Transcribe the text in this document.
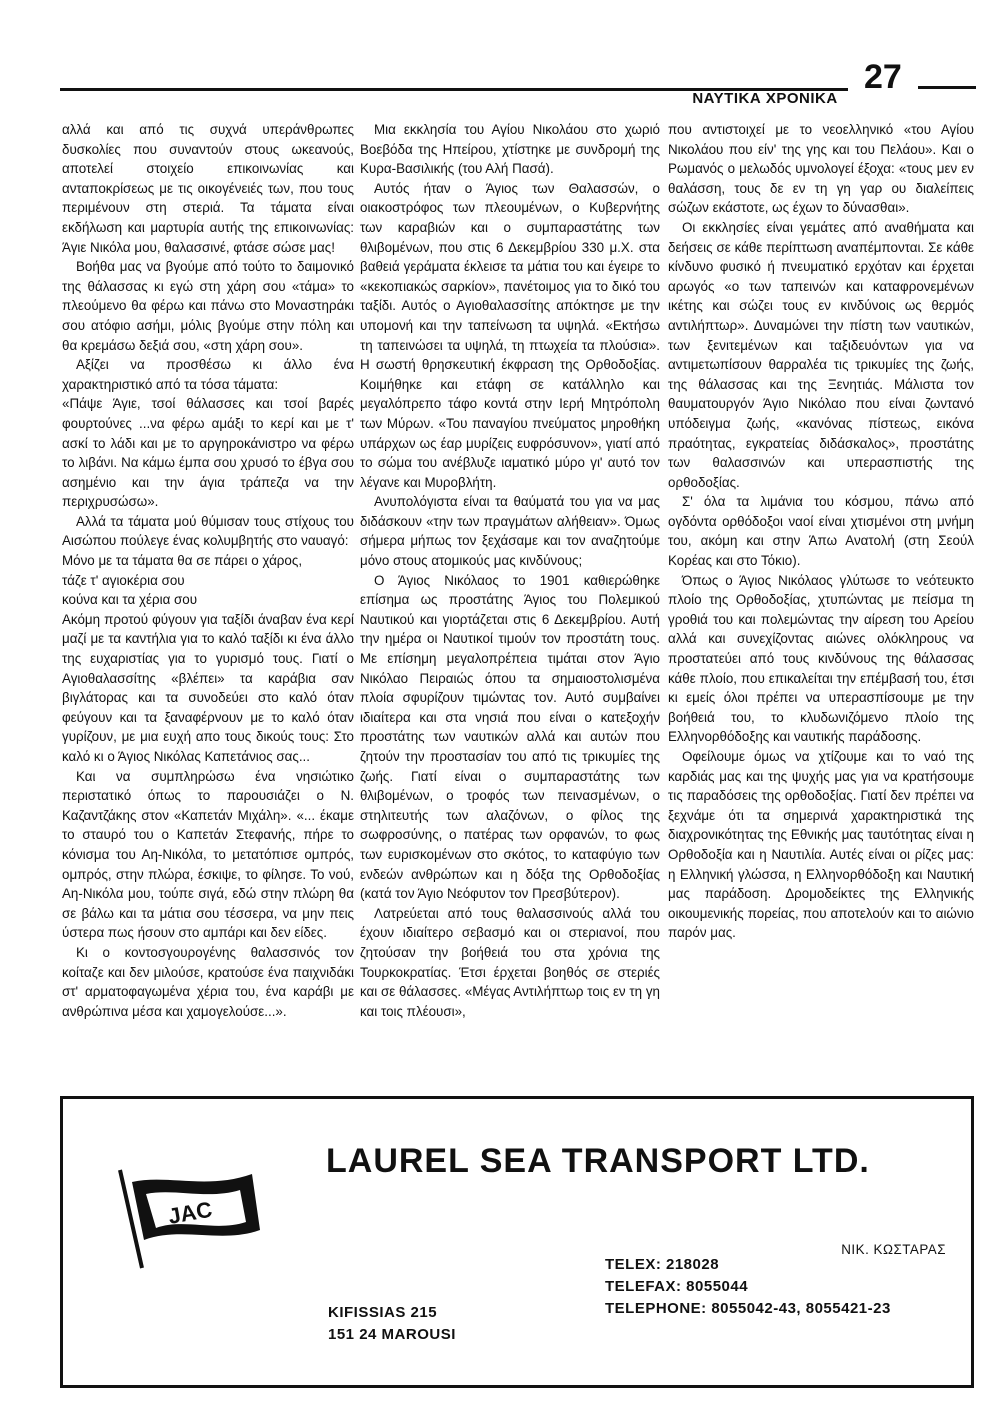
ΝΑΥΤΙΚΑ ΧΡΟΝΙΚΑ
27

αλλά και από τις συχνά υπεράνθρωπες δυσκολίες που συναντούν στους ωκεανούς, αποτελεί στοιχείο επικοινωνίας και ανταποκρίσεως με τις οικογένειές των, που τους περιμένουν στη στεριά. Τα τάματα είναι εκδήλωση και μαρτυρία αυτής της επικοινωνίας: Άγιε Νικόλα μου, θαλασσινέ, φτάσε σώσε μας!

Βοήθα μας να βγούμε από τούτο το δαιμονικό της θάλασσας κι εγώ στη χάρη σου «τάμα» το πλεούμενο θα φέρω και πάνω στο Μοναστηράκι σου ατόφιο ασήμι, μόλις βγούμε στην πόλη και θα κρεμάσω δεξιά σου, «στη χάρη σου».

Αξίζει να προσθέσω κι άλλο ένα χαρακτηριστικό από τα τόσα τάματα:

«Πάψε Άγιε, τσοί θάλασσες και τσοί βαρές φουρτούνες ...να φέρω αμάξι το κερί και με τ' ασκί το λάδι και με το αργηροκάνιστρο να φέρω το λιβάνι. Να κάμω έμπα σου χρυσό το έβγα σου ασημένιο και την άγια τράπεζα να την περιχρυσώσω».

Αλλά τα τάματα μού θύμισαν τους στίχους του Αισώπου πούλεγε ένας κολυμβητής στο ναυαγό:

Μόνο με τα τάματα θα σε πάρει ο χάρος,

τάζε τ' αγιοκέρια σου

κούνα και τα χέρια σου

Ακόμη προτού φύγουν για ταξίδι άναβαν ένα κερί μαζί με τα καντήλια για το καλό ταξίδι κι ένα άλλο της ευχαριστίας για το γυρισμό τους. Γιατί ο Αγιοθαλασσίτης «βλέπει» τα καράβια σαν βιγλάτορας και τα συνοδεύει στο καλό όταν φεύγουν και τα ξαναφέρνουν με το καλό όταν γυρίζουν, με μια ευχή απο τους δικούς τους: Στο καλό κι ο Άγιος Νικόλας Καπετάνιος σας...

Και να συμπληρώσω ένα νησιώτικο περιστατικό όπως το παρουσιάζει ο Ν. Καζαντζάκης στον «Καπετάν Μιχάλη». «... έκαμε το σταυρό του ο Καπετάν Στεφανής, πήρε το κόνισμα του Αη-Νικόλα, το μετατόπισε ομπρός, ομπρός, στην πλώρα, έσκιψε, το φίλησε. Το νού, Αη-Νικόλα μου, τούπε σιγά, εδώ στην πλώρη θα σε βάλω και τα μάτια σου τέσσερα, να μην πεις ύστερα πως ήσουν στο αμπάρι και δεν είδες.

Κι ο κοντοσγουρογένης θαλασσινός τον κοίταζε και δεν μιλούσε, κρατούσε ένα παιχνιδάκι στ' αρματοφαγωμένα χέρια του, ένα καράβι με ανθρώπινα μέσα και χαμογελούσε...».

Μια εκκλησία του Αγίου Νικολάου στο χωριό Βοεβόδα της Ηπείρου, χτίστηκε με συνδρομή της Κυρα-Βασιλικής (του Αλή Πασά).

Αυτός ήταν ο Άγιος των Θαλασσών, ο οιακοστρόφος των πλεουμένων, ο Κυβερνήτης των καραβιών και ο συμπαραστάτης των θλιβομένων, που στις 6 Δεκεμβρίου 330 μ.Χ. στα βαθειά γεράματα έκλεισε τα μάτια του και έγειρε το «κεκοπιακώς σαρκίον», πανέτοιμος για το δικό του ταξίδι. Αυτός ο Αγιοθαλασσίτης απόκτησε με την υπομονή και την ταπείνωση τα υψηλά. «Εκτήσω τη ταπεινώσει τα υψηλά, τη πτωχεία τα πλούσια». Η σωστή θρησκευτική έκφραση της Ορθοδοξίας. Κοιμήθηκε και ετάφη σε κατάλληλο και μεγαλόπρεπο τάφο κοντά στην Ιερή Μητρόπολη των Μύρων. «Του παναγίου πνεύματος μηροθήκη υπάρχων ως έαρ μυρίζεις ευφρόσυνον», γιατί από το σώμα του ανέβλυζε ιαματικό μύρο γι' αυτό τον λέγανε και Μυροβλήτη.

Ανυπολόγιστα είναι τα θαύματά του για να μας διδάσκουν «την των πραγμάτων αλήθειαν». Όμως σήμερα μήπως τον ξεχάσαμε και τον αναζητούμε μόνο στους ατομικούς μας κινδύνους;

Ο Άγιος Νικόλαος το 1901 καθιερώθηκε επίσημα ως προστάτης Άγιος του Πολεμικού Ναυτικού και γιορτάζεται στις 6 Δεκεμβρίου. Αυτή την ημέρα οι Ναυτικοί τιμούν τον προστάτη τους. Με επίσημη μεγαλοπρέπεια τιμάται στον Άγιο Νικόλαο Πειραιώς όπου τα σημαιοστολισμένα πλοία σφυρίζουν τιμώντας τον. Αυτό συμβαίνει ιδιαίτερα και στα νησιά που είναι ο κατεξοχήν προστάτης των ναυτικών αλλά και αυτών που ζητούν την προστασίαν του από τις τρικυμίες της ζωής. Γιατί είναι ο συμπαραστάτης των θλιβομένων, ο τροφός των πεινασμένων, ο στηλιτευτής των αλαζόνων, ο φίλος της σωφροσύνης, ο πατέρας των ορφανών, το φως των ευρισκομένων στο σκότος, το καταφύγιο των ενδεών ανθρώπων και η δόξα της Ορθοδοξίας (κατά τον Άγιο Νεόφυτον τον Πρεσβύτερον).

Λατρεύεται από τους θαλασσινούς αλλά του έχουν ιδιαίτερο σεβασμό και οι στεριανοί, που ζητούσαν την βοήθειά του στα χρόνια της Τουρκοκρατίας. Έτσι έρχεται βοηθός σε στεριές και σε θάλασσες. «Μέγας Αντιλήπτωρ τοις εν τη γη και τοις πλέουσι»,

που αντιστοιχεί με το νεοελληνικό «του Αγίου Νικολάου που είν' της γης και του Πελάου». Και ο Ρωμανός ο μελωδός υμνολογεί έξοχα: «τους μεν εν θαλάσση, τους δε εν τη γη γαρ ου διαλείπεις σώζων εκάστοτε, ως έχων το δύνασθαι».

Οι εκκλησίες είναι γεμάτες από αναθήματα και δεήσεις σε κάθε περίπτωση αναπέμπονται. Σε κάθε κίνδυνο φυσικό ή πνευματικό ερχόταν και έρχεται αρωγός «ο των ταπεινών και καταφρονεμένων ικέτης και σώζει τους εν κινδύνοις ως θερμός αντιλήπτωρ». Δυναμώνει την πίστη των ναυτικών, των ξενιτεμένων και ταξιδευόντων για να αντιμετωπίσουν θαρραλέα τις τρικυμίες της ζωής, της θάλασσας και της Ξενητιάς. Μάλιστα τον θαυματουργόν Άγιο Νικόλαο που είναι ζωντανό υπόδειγμα ζωής, «κανόνας πίστεως, εικόνα πραότητας, εγκρατείας διδάσκαλος», προστάτης των θαλασσινών και υπερασπιστής της ορθοδοξίας.

Σ' όλα τα λιμάνια του κόσμου, πάνω από ογδόντα ορθόδοξοι ναοί είναι χτισμένοι στη μνήμη του, ακόμη και στην Άπω Ανατολή (στη Σεούλ Κορέας και στο Τόκιο).

Όπως ο Άγιος Νικόλαος γλύτωσε το νεότευκτο πλοίο της Ορθοδοξίας, χτυπώντας με πείσμα τη γροθιά του και πολεμώντας την αίρεση του Αρείου αλλά και συνεχίζοντας αιώνες ολόκληρους να προστατεύει από τους κινδύνους της θάλασσας κάθε πλοίο, που επικαλείται την επέμβασή του, έτσι κι εμείς όλοι πρέπει να υπερασπίσουμε με την βοήθειά του, το κλυδωνιζόμενο πλοίο της Ελληνορθόδοξης και ναυτικής παράδοσης.

Οφείλουμε όμως να χτίζουμε και το ναό της καρδιάς μας και της ψυχής μας για να κρατήσουμε τις παραδόσεις της ορθοδοξίας. Γιατί δεν πρέπει να ξεχνάμε ότι τα σημερινά χαρακτηριστικά της διαχρονικότητας της Εθνικής μας ταυτότητας είναι η Ορθοδοξία και η Ναυτιλία. Αυτές είναι οι ρίζες μας: η Ελληνική γλώσσα, η Ελληνορθόδοξη και Ναυτική μας παράδοση. Δρομοδείκτες της Ελληνικής οικουμενικής πορείας, που αποτελούν και το αιώνιο παρόν μας.

ΝΙΚ. ΚΩΣΤΑΡΑΣ
LAUREL SEA TRANSPORT LTD.
JAC
KIFISSIAS 215
151 24 MAROUSI
TELEX: 218028
TELEFAX: 8055044
TELEPHONE: 8055042-43, 8055421-23
